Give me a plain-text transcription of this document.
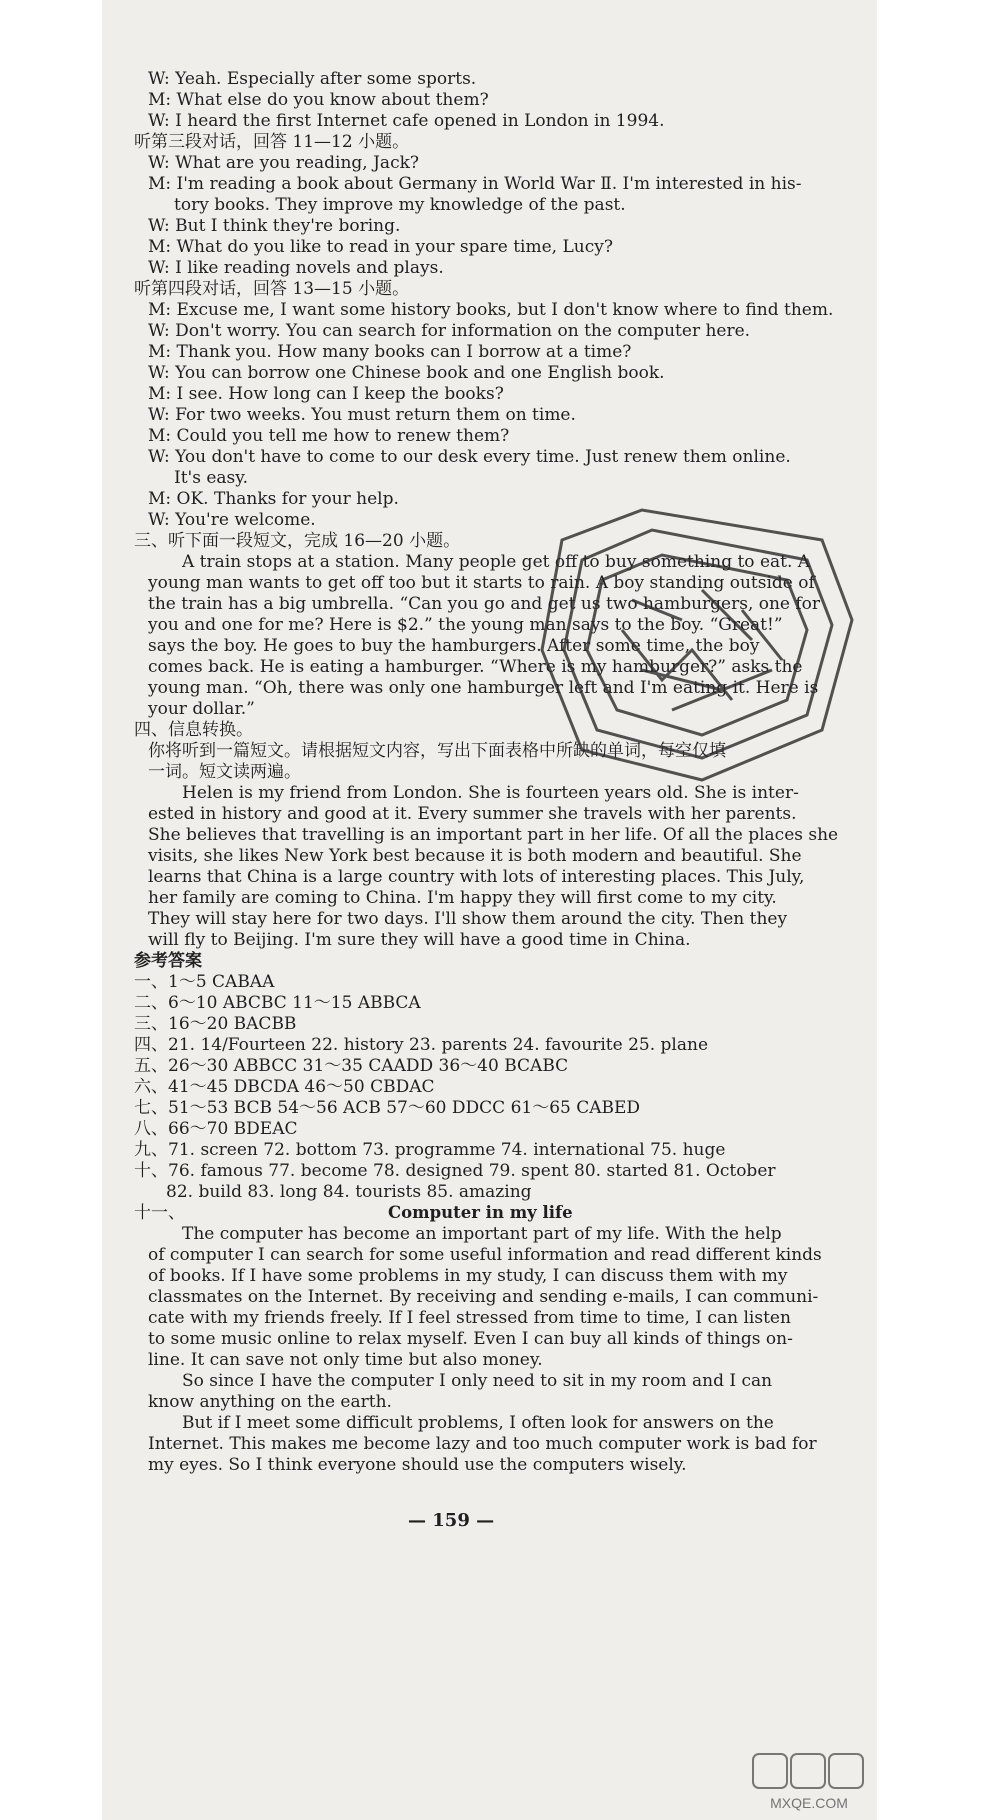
W: Yeah. Especially after some sports.
M: What else do you know about them?
W: I heard the first Internet cafe opened in London in 1994.
听第三段对话，回答 11—12 小题。
W: What are you reading, Jack?
M: I'm reading a book about Germany in World War Ⅱ. I'm interested in his-
tory books. They improve my knowledge of the past.
W: But I think they're boring.
M: What do you like to read in your spare time, Lucy?
W: I like reading novels and plays.
听第四段对话，回答 13—15 小题。
M: Excuse me, I want some history books, but I don't know where to find them.
W: Don't worry. You can search for information on the computer here.
M: Thank you. How many books can I borrow at a time?
W: You can borrow one Chinese book and one English book.
M: I see. How long can I keep the books?
W: For two weeks. You must return them on time.
M: Could you tell me how to renew them?
W: You don't have to come to our desk every time. Just renew them online.
It's easy.
M: OK. Thanks for your help.
W: You're welcome.
三、听下面一段短文，完成 16—20 小题。
A train stops at a station. Many people get off to buy something to eat. A
young man wants to get off too but it starts to rain. A boy standing outside of
the train has a big umbrella. “Can you go and get us two hamburgers, one for
you and one for me? Here is $2.” the young man says to the boy. “Great!”
says the boy. He goes to buy the hamburgers. After some time, the boy
comes back. He is eating a hamburger. “Where is my hamburger?” asks the
young man. “Oh, there was only one hamburger left and I'm eating it. Here is
your dollar.”
四、信息转换。
你将听到一篇短文。请根据短文内容，写出下面表格中所缺的单词，每空仅填
一词。短文读两遍。
Helen is my friend from London. She is fourteen years old. She is inter-
ested in history and good at it. Every summer she travels with her parents.
She believes that travelling is an important part in her life. Of all the places she
visits, she likes New York best because it is both modern and beautiful. She
learns that China is a large country with lots of interesting places. This July,
her family are coming to China. I'm happy they will first come to my city.
They will stay here for two days. I'll show them around the city. Then they
will fly to Beijing. I'm sure they will have a good time in China.
参考答案
一、1～5 CABAA
二、6～10 ABCBC 11～15 ABBCA
三、16～20 BACBB
四、21. 14/Fourteen 22. history 23. parents 24. favourite 25. plane
五、26～30 ABBCC 31～35 CAADD 36～40 BCABC
六、41～45 DBCDA 46～50 CBDAC
七、51～53 BCB 54～56 ACB 57～60 DDCC 61～65 CABED
八、66～70 BDEAC
九、71. screen 72. bottom 73. programme 74. international 75. huge
十、76. famous 77. become 78. designed 79. spent 80. started 81. October
82. build 83. long 84. tourists 85. amazing
十一、	Computer in my life
The computer has become an important part of my life. With the help
of computer I can search for some useful information and read different kinds
of books. If I have some problems in my study, I can discuss them with my
classmates on the Internet. By receiving and sending e-mails, I can communi-
cate with my friends freely. If I feel stressed from time to time, I can listen
to some music online to relax myself. Even I can buy all kinds of things on-
line. It can save not only time but also money.
So since I have the computer I only need to sit in my room and I can
know anything on the earth.
But if I meet some difficult problems, I often look for answers on the
Internet. This makes me become lazy and too much computer work is bad for
my eyes. So I think everyone should use the computers wisely.
— 159 —
MXQE.COM
